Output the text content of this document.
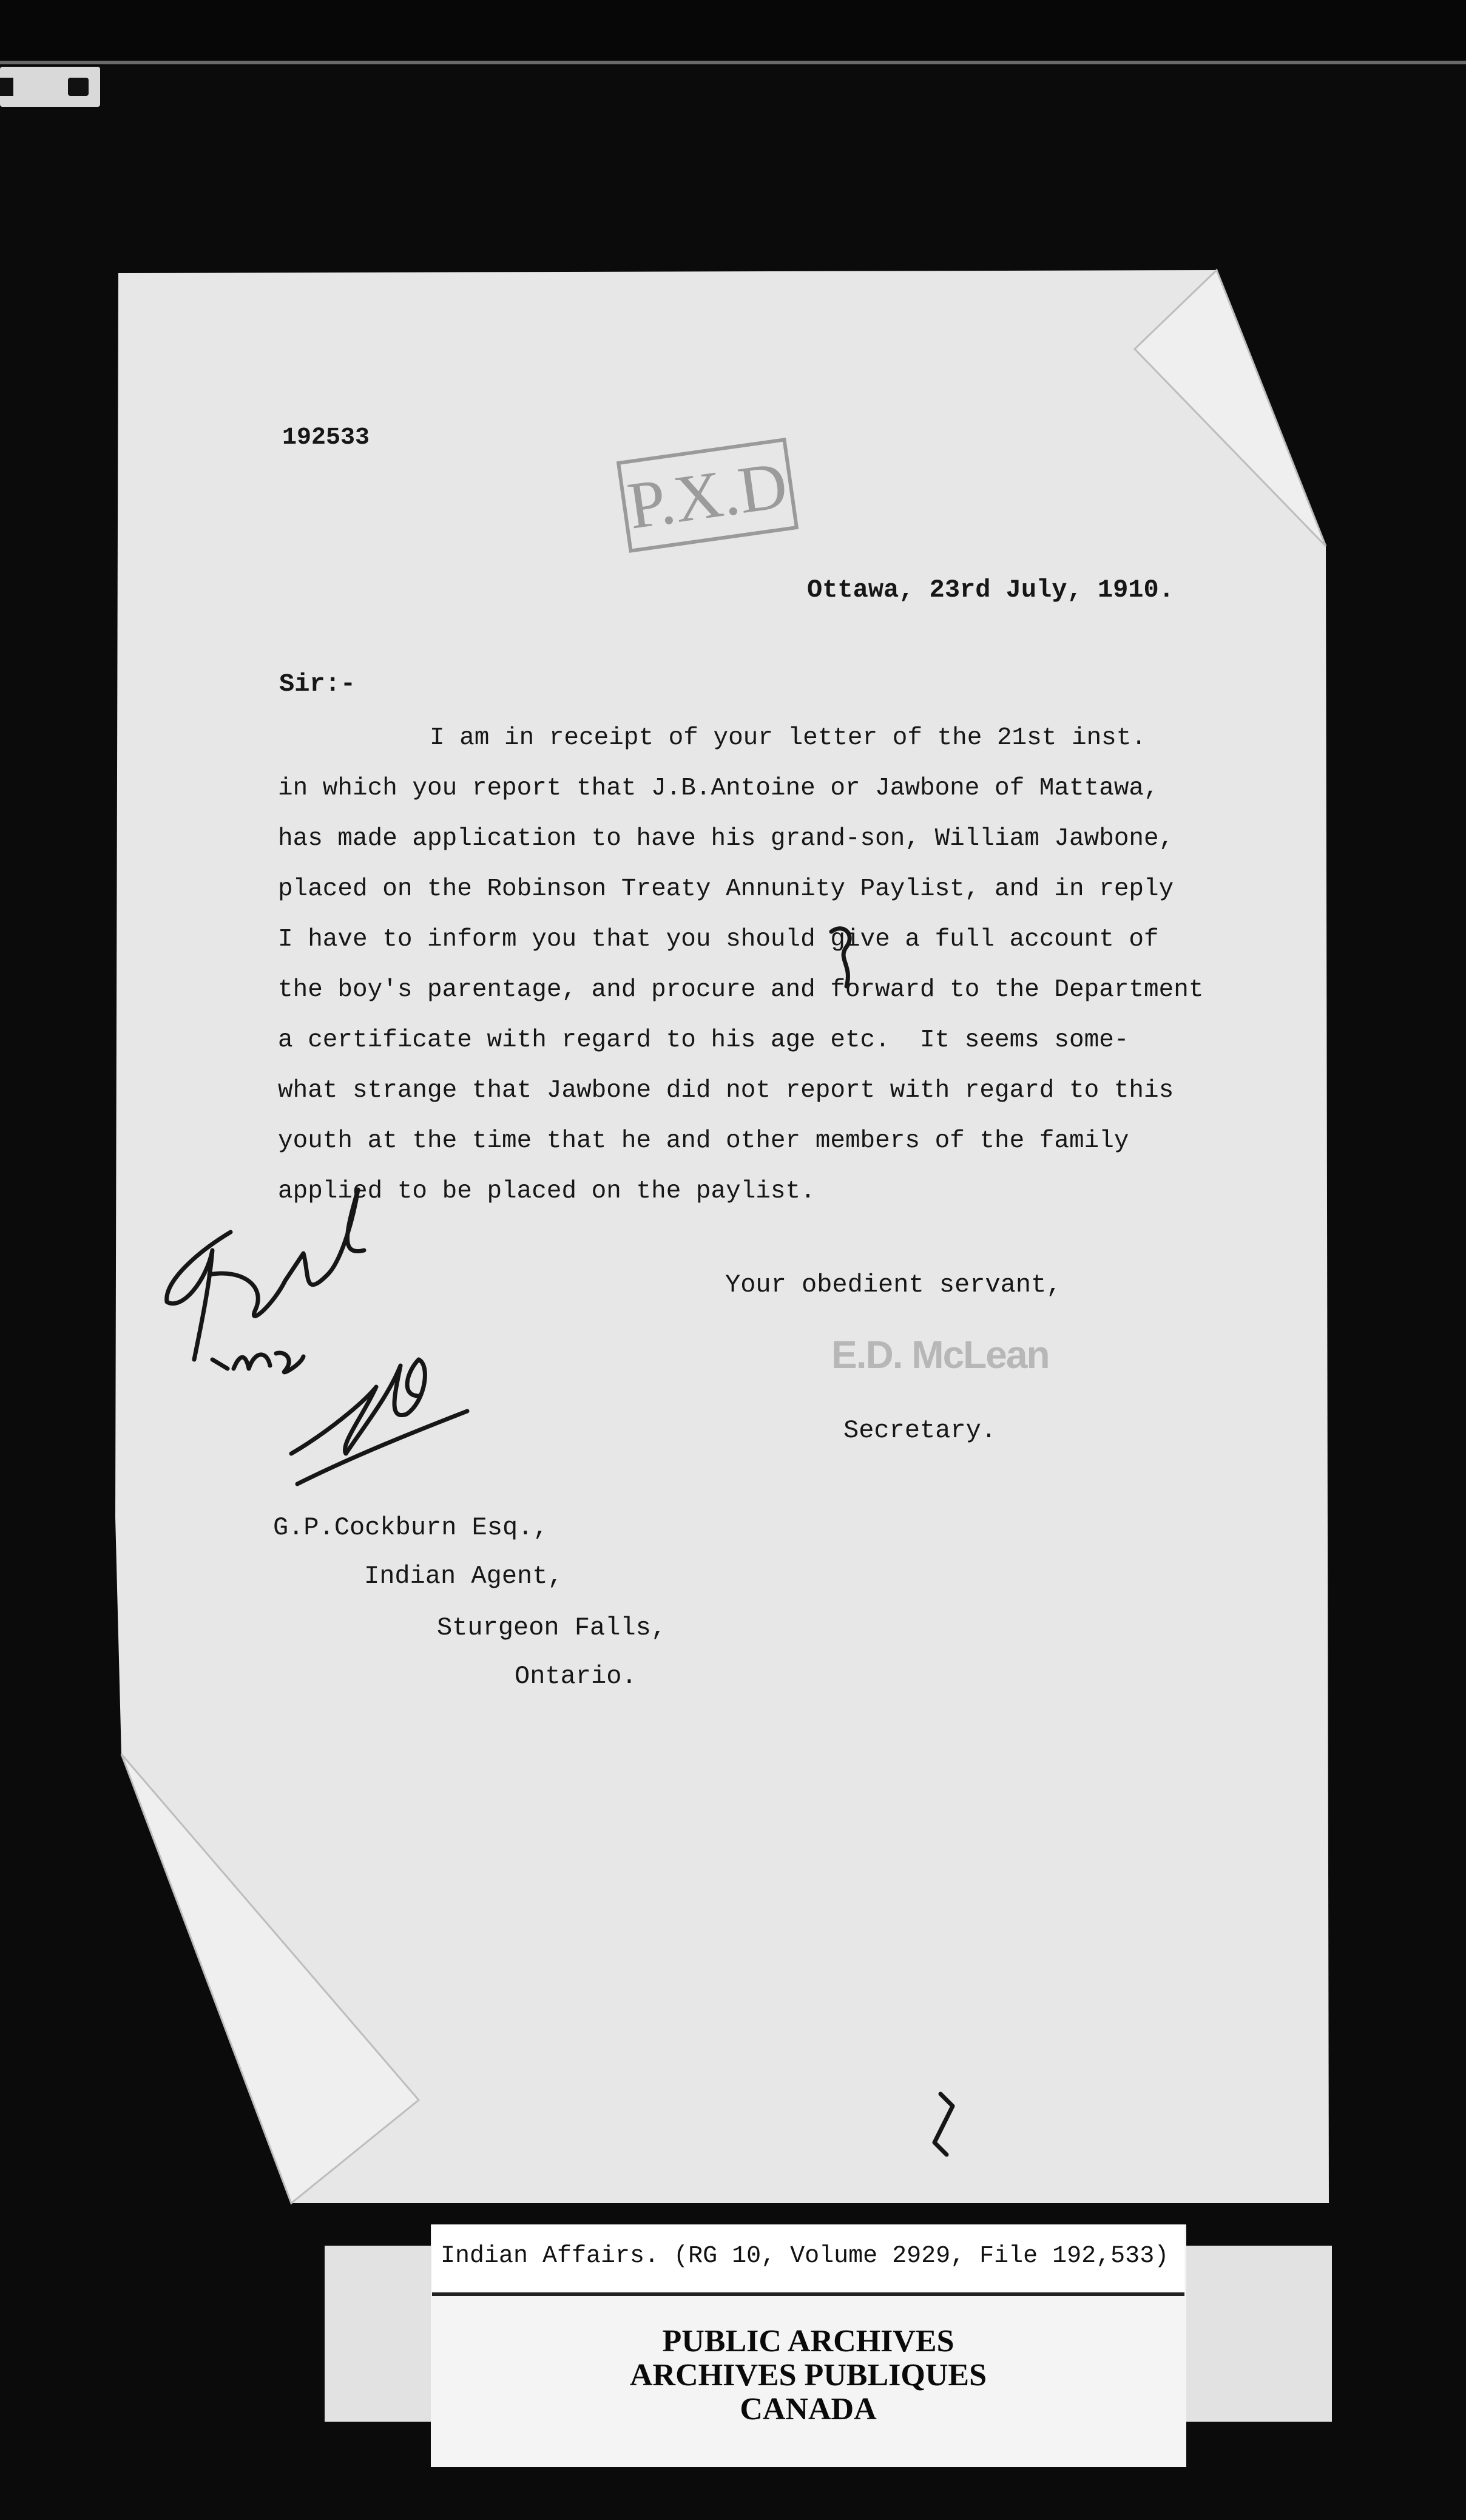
192533
P.X.D
Ottawa, 23rd July, 1910.
Sir:-
I am in receipt of your letter of the 21st inst.
in which you report that J.B.Antoine or Jawbone of Mattawa,
has made application to have his grand-son, William Jawbone,
placed on the Robinson Treaty Annunity Paylist, and in reply
I have to inform you that you should give a full account of
the boy's parentage, and procure and forward to the Department
a certificate with regard to his age etc.  It seems some-
what strange that Jawbone did not report with regard to this
youth at the time that he and other members of the family
applied to be placed on the paylist.
Your obedient servant,
E.D. McLean
Secretary.
G.P.Cockburn Esq.,
Indian Agent,
Sturgeon Falls,
Ontario.
Indian Affairs. (RG 10, Volume 2929, File 192,533)
PUBLIC ARCHIVES
ARCHIVES PUBLIQUES
CANADA
